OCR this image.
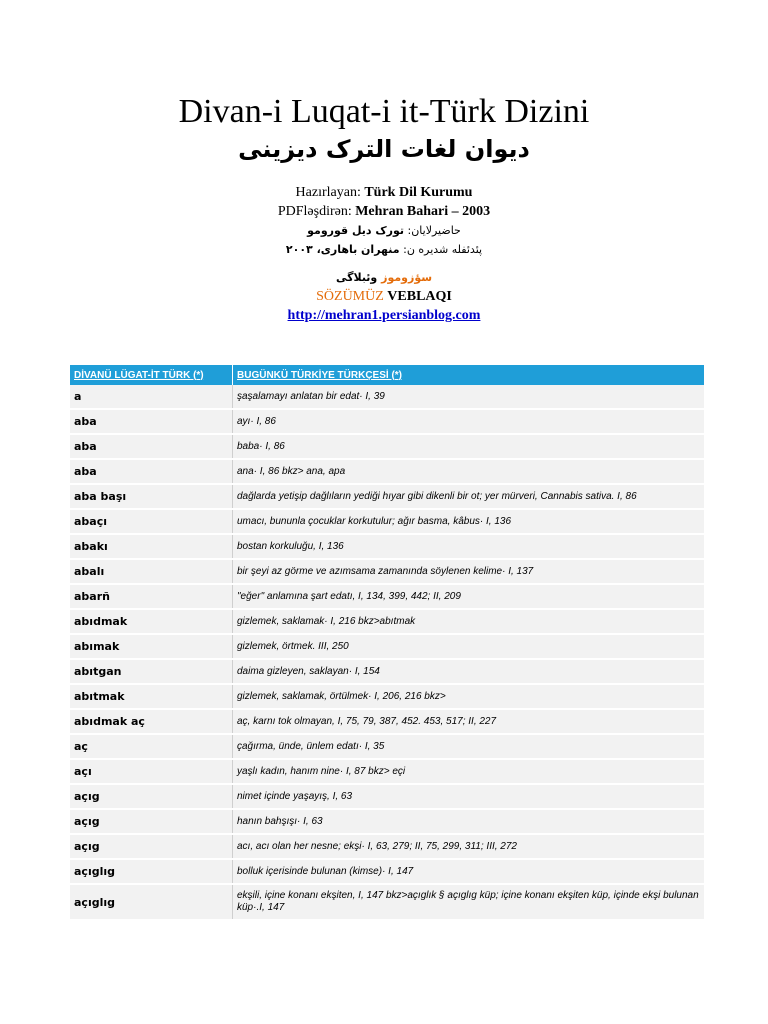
Divan-i Luqat-i it-Türk Dizini
دیوان لغات الترک دیزینی
Hazırlayan: Türk Dil Kurumu
PDFləşdirən: Mehran Bahari – 2003
حاضیرلایان: تورک دیل قورومو
پئدئفله شدیره ن: منهران باهاری، ۲۰۰۳
سؤزوموز وئبلاگی
SÖZÜMÜZ VEBLAQI
http://mehran1.persianblog.com
DİVANÜ LÜGAT-İT TÜRK (*)	BUGÜNKÜ TÜRKİYE TÜRKÇESİ (*)
a	şaşalamayı anlatan bir edat· I, 39
aba	ayı· I, 86
aba	baba· I, 86
aba	ana· I, 86 bkz> ana, apa
aba başı	dağlarda yetişip dağlıların yediği hıyar gibi dikenli bir ot; yer mürveri, Cannabis sativa. I, 86
abaçı	umacı, bununla çocuklar korkutulur; ağır basma, kâbus· I, 136
abakı	bostan korkuluğu, I, 136
abalı	bir şeyi az görme ve azımsama zamanında söylenen kelime· I, 137
abarñ	"eğer" anlamına şart edatı, I, 134, 399, 442; II, 209
abıdmak	gizlemek, saklamak· I, 216 bkz>abıtmak
abımak	gizlemek, örtmek. III, 250
abıtgan	daima gizleyen, saklayan· I, 154
abıtmak	gizlemek, saklamak, örtülmek· I, 206, 216 bkz>
abıdmak aç	aç, karnı tok olmayan, I, 75, 79, 387, 452. 453, 517; II, 227
aç	çağırma, ünde, ünlem edatı· I, 35
açı	yaşlı kadın, hanım nine· I, 87 bkz> eçi
açıg	nimet içinde yaşayış, I, 63
açıg	hanın bahşışı· I, 63
açıg	acı, acı olan her nesne; ekşi· I, 63, 279; II, 75, 299, 311; III, 272
açıglıg	bolluk içerisinde bulunan (kimse)· I, 147
açıglıg	ekşili, içine konanı ekşiten, I, 147 bkz>açıglık § açıglıg küp; içine konanı ekşiten küp, içinde ekşi bulunan küp·.I, 147
